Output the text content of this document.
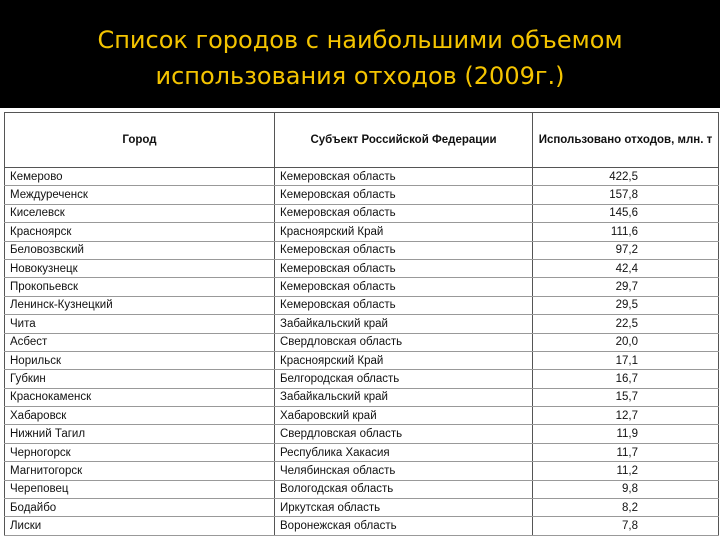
Список городов с наибольшими объемом
использования отходов (2009г.)
Город	Субъект Российской Федерации	Использовано отходов, млн. т
Кемерово	Кемеровская область	422,5
Междуреченск	Кемеровская область	157,8
Киселевск	Кемеровская область	145,6
Красноярск	Красноярский Край	111,6
Беловозвский	Кемеровская область	97,2
Новокузнецк	Кемеровская область	42,4
Прокопьевск	Кемеровская область	29,7
Ленинск-Кузнецкий	Кемеровская область	29,5
Чита	Забайкальский край	22,5
Асбест	Свердловская область	20,0
Норильск	Красноярский Край	17,1
Губкин	Белгородская область	16,7
Краснокаменск	Забайкальский край	15,7
Хабаровск	Хабаровский край	12,7
Нижний Тагил	Свердловская область	11,9
Черногорск	Республика Хакасия	11,7
Магнитогорск	Челябинская область	11,2
Череповец	Вологодская область	9,8
Бодайбо	Иркутская область	8,2
Лиски	Воронежская область	7,8
